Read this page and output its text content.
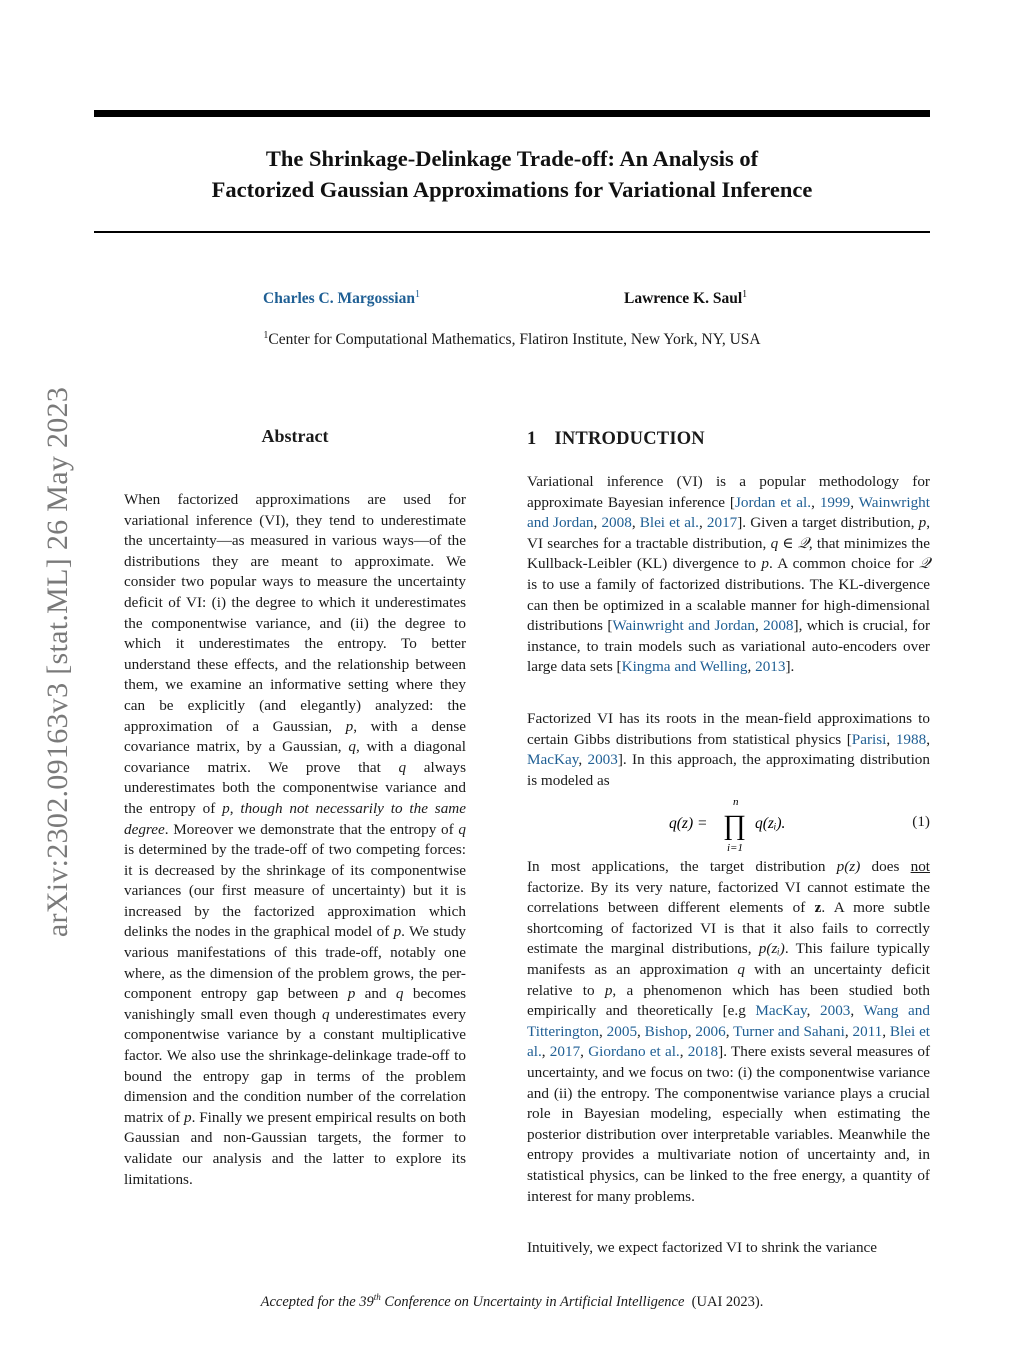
The Shrinkage-Delinkage Trade-off: An Analysis of
Factorized Gaussian Approximations for Variational Inference
Charles C. Margossian$^1$	Lawrence K. Saul$^1$
$^1$Center for Computational Mathematics, Flatiron Institute, New York, NY, USA
arXiv:2302.09163v3 [stat.ML] 26 May 2023	Abstract
When factorized approximations are used for variational inference (VI), they tend to underestimate the uncertainty—as measured in various ways—of the distributions they are meant to approximate. We consider two popular ways to measure the uncertainty deficit of VI: (i) the degree to which it underestimates the componentwise variance, and (ii) the degree to which it underestimates the entropy. To better understand these effects, and the relationship between them, we examine an informative setting where they can be explicitly (and elegantly) analyzed: the approximation of a Gaussian, p, with a dense covariance matrix, by a Gaussian, q, with a diagonal covariance matrix. We prove that q always underestimates both the componentwise variance and the entropy of p, though not necessarily to the same degree. Moreover we demonstrate that the entropy of q is determined by the trade-off of two competing forces: it is decreased by the shrinkage of its componentwise variances (our first measure of uncertainty) but it is increased by the factorized approximation which delinks the nodes in the graphical model of p. We study various manifestations of this trade-off, notably one where, as the dimension of the problem grows, the per-component entropy gap between p and q becomes vanishingly small even though q underestimates every componentwise variance by a constant multiplicative factor. We also use the shrinkage-delinkage trade-off to bound the entropy gap in terms of the problem dimension and the condition number of the correlation matrix of p. Finally we present empirical results on both Gaussian and non-Gaussian targets, the former to validate our analysis and the latter to explore its limitations.
1 INTRODUCTION
Variational inference (VI) is a popular methodology for approximate Bayesian inference [Jordan et al., 1999, Wainwright and Jordan, 2008, Blei et al., 2017]. Given a target distribution, p, VI searches for a tractable distribution, q ∈ 𝒬, that minimizes the Kullback-Leibler (KL) divergence to p. A common choice for 𝒬 is to use a family of factorized distributions. The KL-divergence can then be optimized in a scalable manner for high-dimensional distributions [Wainwright and Jordan, 2008], which is crucial, for instance, to train models such as variational auto-encoders over large data sets [Kingma and Welling, 2013].
Factorized VI has its roots in the mean-field approximations to certain Gibbs distributions from statistical physics [Parisi, 1988, MacKay, 2003]. In this approach, the approximating distribution is modeled as
q(z) =
n
∏
i=1
q(zᵢ).	(1)
In most applications, the target distribution p(z) does not factorize. By its very nature, factorized VI cannot estimate the correlations between different elements of z. A more subtle shortcoming of factorized VI is that it also fails to correctly estimate the marginal distributions, p(zᵢ). This failure typically manifests as an approximation q with an uncertainty deficit relative to p, a phenomenon which has been studied both empirically and theoretically [e.g MacKay, 2003, Wang and Titterington, 2005, Bishop, 2006, Turner and Sahani, 2011, Blei et al., 2017, Giordano et al., 2018]. There exists several measures of uncertainty, and we focus on two: (i) the componentwise variance and (ii) the entropy. The componentwise variance plays a crucial role in Bayesian modeling, especially when estimating the posterior distribution over interpretable variables. Meanwhile the entropy provides a multivariate notion of uncertainty and, in statistical physics, can be linked to the free energy, a quantity of interest for many problems.
Intuitively, we expect factorized VI to shrink the variance
Accepted for the 39th Conference on Uncertainty in Artificial Intelligence (UAI 2023).
